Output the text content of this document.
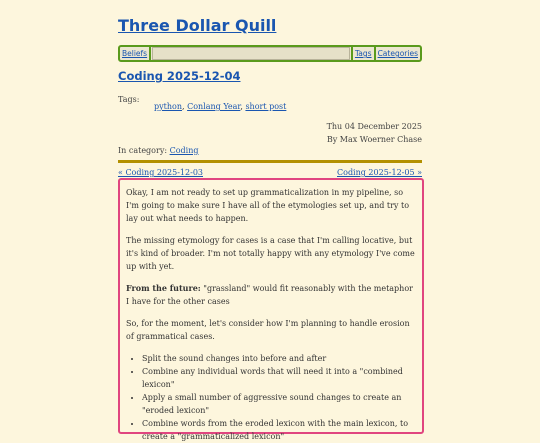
Three Dollar Quill
Beliefs	Tags Categories
Coding 2025-12-04
Tags:
python, Conlang Year, short post
Thu 04 December 2025
By Max Woerner Chase
In category: Coding
« Coding 2025-12-03	Coding 2025-12-05 »

Okay, I am not ready to set up grammaticalization in my pipeline, so I'm going to make sure I have all of the etymologies set up, and try to lay out what needs to happen.

The missing etymology for cases is a case that I'm calling locative, but it's kind of broader. I'm not totally happy with any etymology I've come up with yet.

From the future: "grassland" would fit reasonably with the metaphor I have for the other cases

So, for the moment, let's consider how I'm planning to handle erosion of grammatical cases.

• Split the sound changes into before and after
• Combine any individual words that will need it into a "combined lexicon"
• Apply a small number of aggressive sound changes to create an "eroded lexicon"
• Combine words from the eroded lexicon with the main lexicon, to create a "grammaticalized lexicon"
